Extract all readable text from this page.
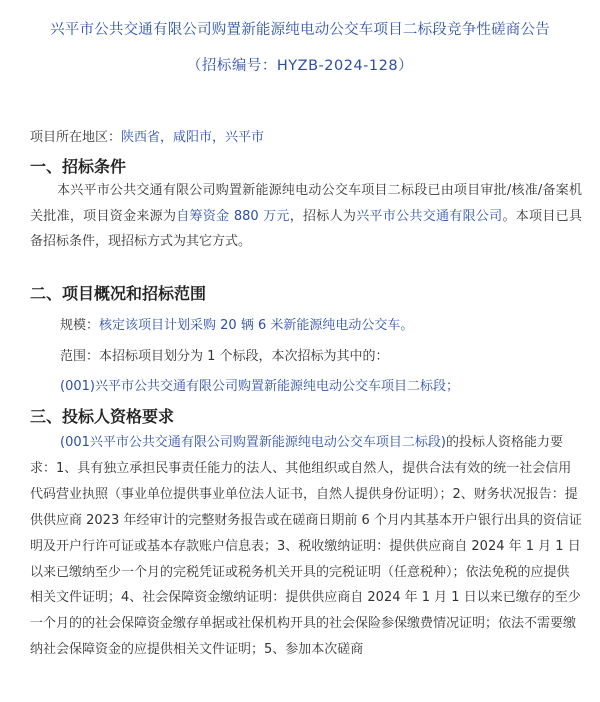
兴平市公共交通有限公司购置新能源纯电动公交车项目二标段竞争性磋商公告
（招标编号：HYZB-2024-128）
项目所在地区：陕西省，咸阳市，兴平市
一、招标条件
本兴平市公共交通有限公司购置新能源纯电动公交车项目二标段已由项目审批/核准/备案机关批准，项目资金来源为自筹资金 880 万元，招标人为兴平市公共交通有限公司。本项目已具备招标条件，现招标方式为其它方式。
二、项目概况和招标范围
规模：核定该项目计划采购 20 辆 6 米新能源纯电动公交车。
范围：本招标项目划分为 1 个标段，本次招标为其中的：
(001)兴平市公共交通有限公司购置新能源纯电动公交车项目二标段；
三、投标人资格要求
(001兴平市公共交通有限公司购置新能源纯电动公交车项目二标段)的投标人资格能力要求：1、具有独立承担民事责任能力的法人、其他组织或自然人，提供合法有效的统一社会信用代码营业执照（事业单位提供事业单位法人证书，自然人提供身份证明）；2、财务状况报告：提供供应商 2023 年经审计的完整财务报告或在磋商日期前 6 个月内其基本开户银行出具的资信证明及开户行许可证或基本存款账户信息表；3、税收缴纳证明：提供供应商自 2024 年 1 月 1 日以来已缴纳至少一个月的完税凭证或税务机关开具的完税证明（任意税种）；依法免税的应提供相关文件证明；4、社会保障资金缴纳证明：提供供应商自 2024 年 1 月 1 日以来已缴存的至少一个月的的社会保障资金缴存单据或社保机构开具的社会保险参保缴费情况证明；依法不需要缴纳社会保障资金的应提供相关文件证明；5、参加本次磋商
